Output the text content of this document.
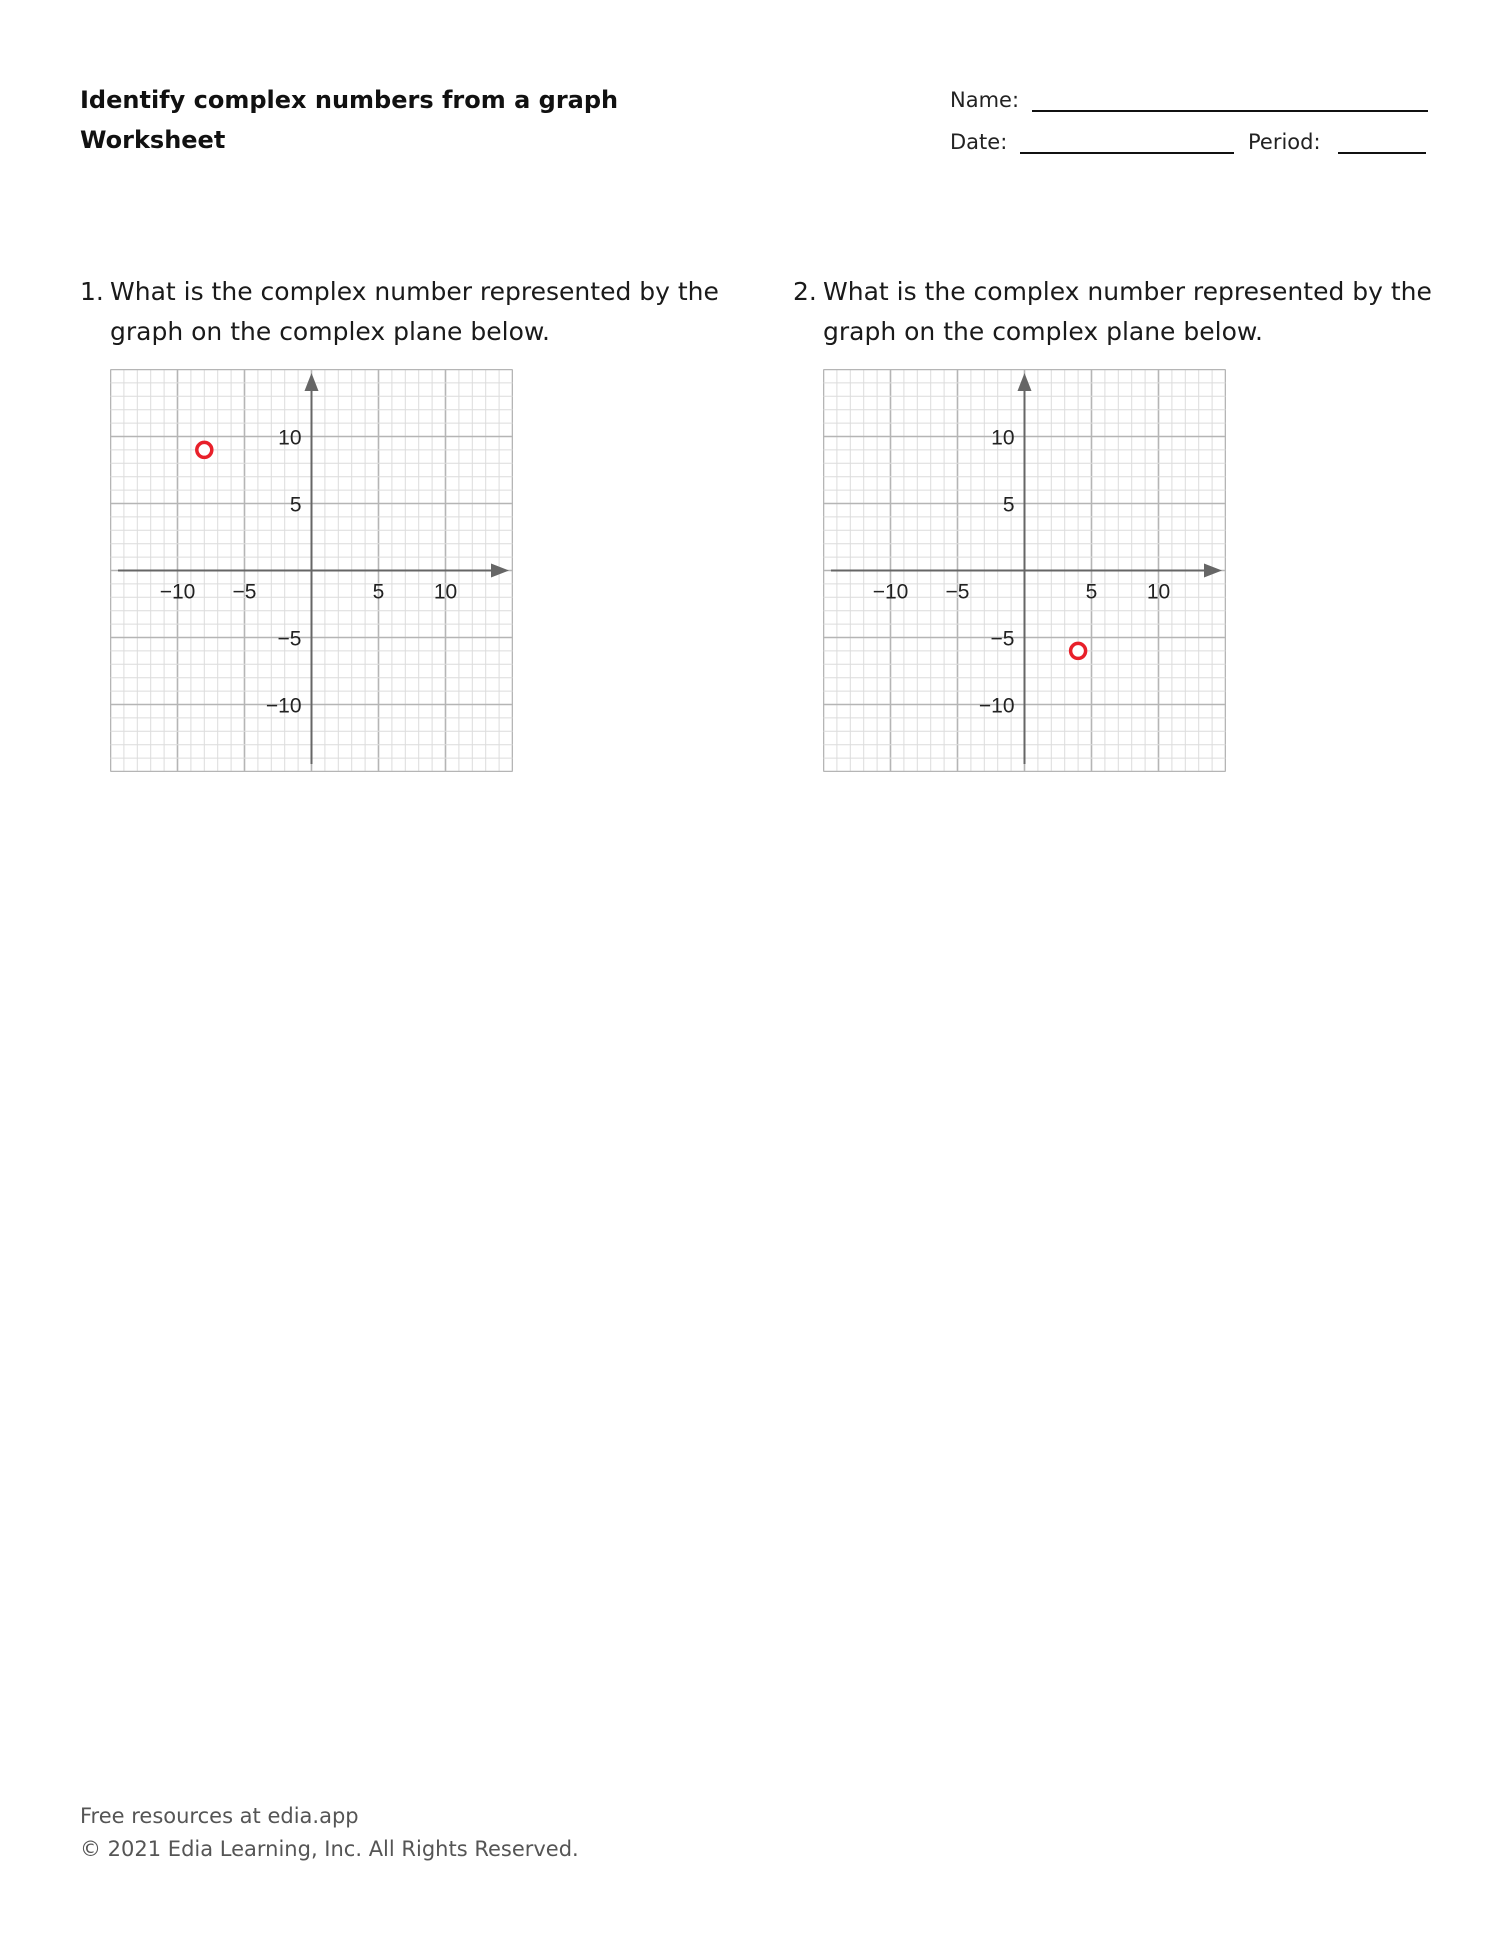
Identify complex numbers from a graph
Worksheet
Name:
Date:	Period:
1. What is the complex number represented by the graph on the complex plane below.
2. What is the complex number represented by the graph on the complex plane below.
−10 −5	5 10
10
5
−5
−10
−10 −5	5 10
10
5
−5
−10
Free resources at edia.app
© 2021 Edia Learning, Inc. All Rights Reserved.
